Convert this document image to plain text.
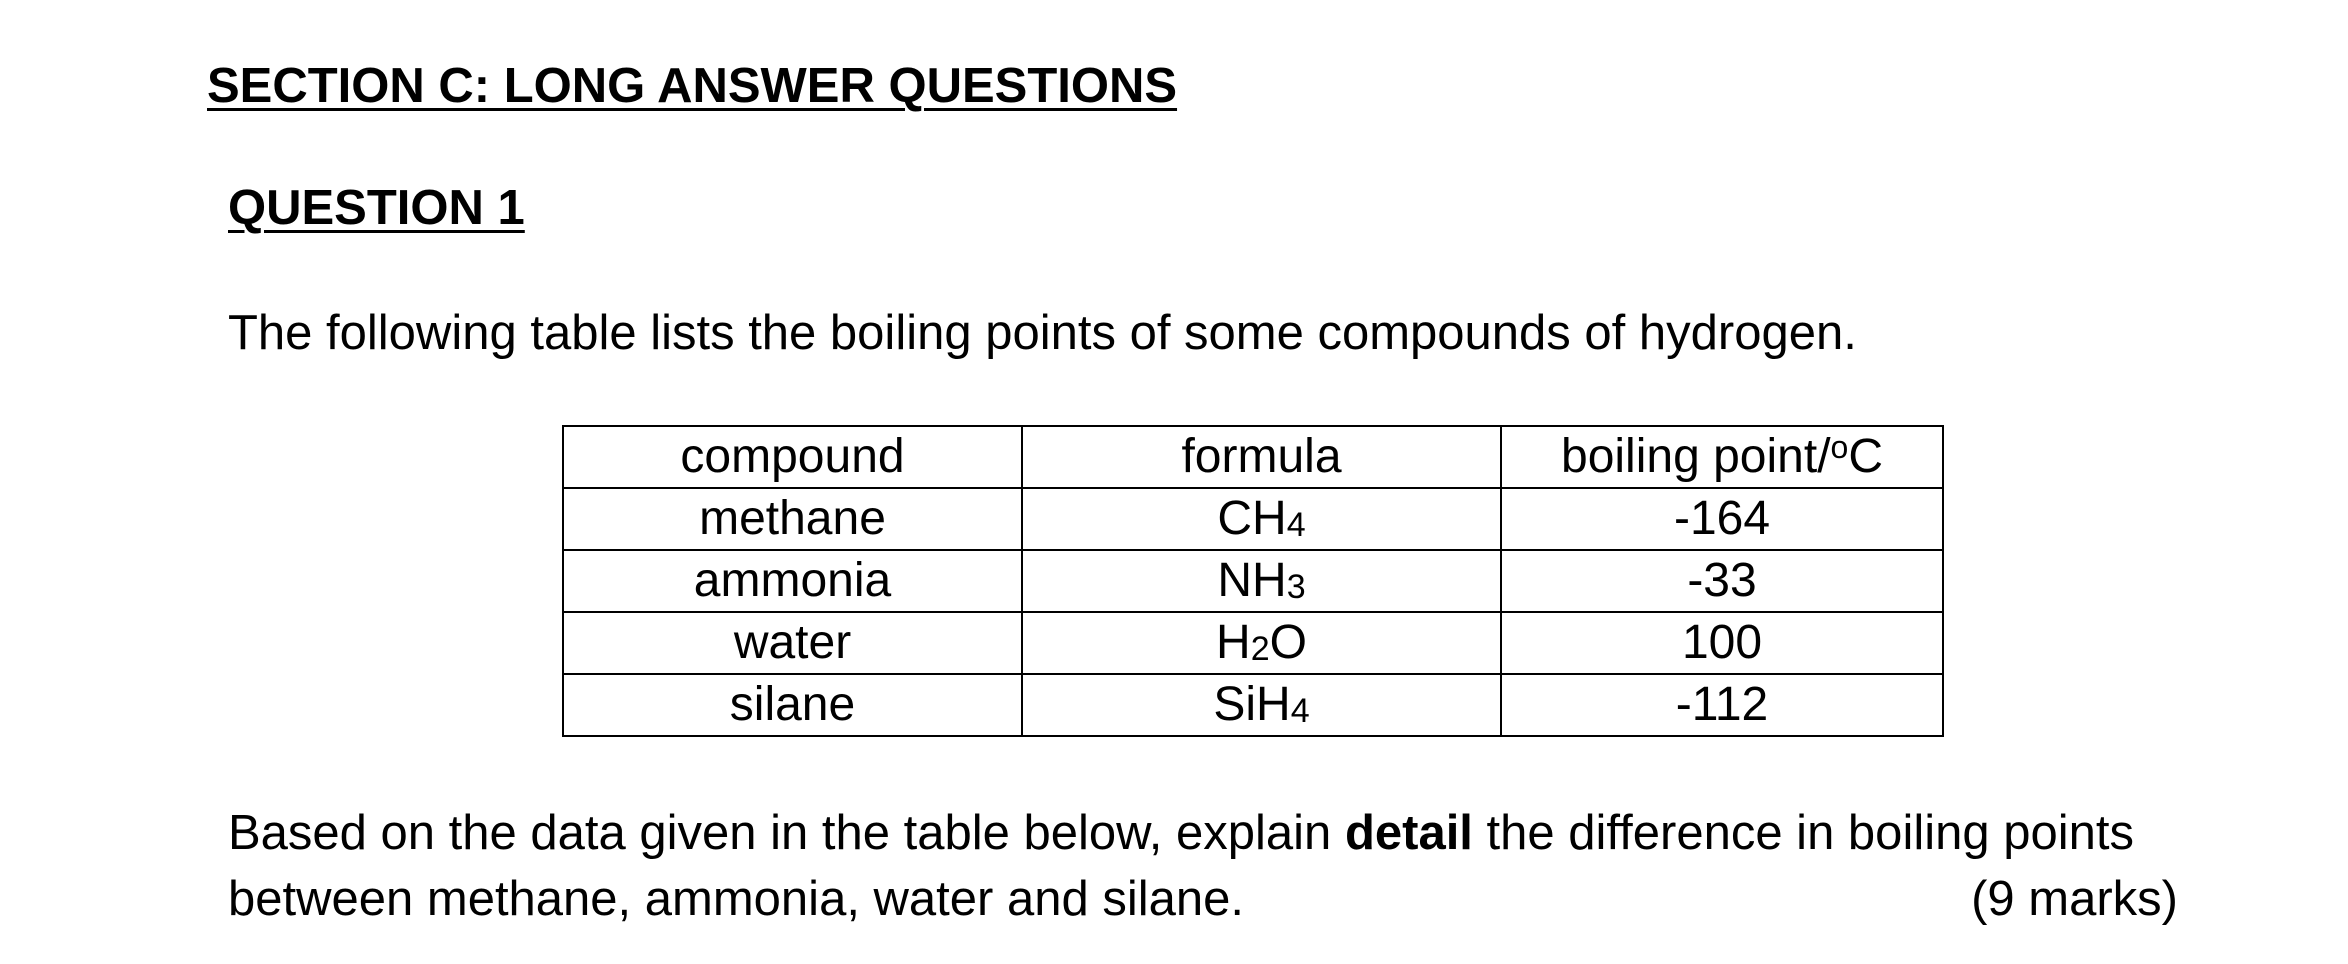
SECTION C: LONG ANSWER QUESTIONS
QUESTION 1

The following table lists the boiling points of some compounds of hydrogen.

compound	formula	boiling point/$^o$C
methane	$CH_4$	-164
ammonia	$NH_3$	-33
water	$H_2O$	100
silane	SiH$_4$	-112
Based on the data given in the table below, explain detail the difference in boiling points
between methane, ammonia, water and silane.	(9 marks)
